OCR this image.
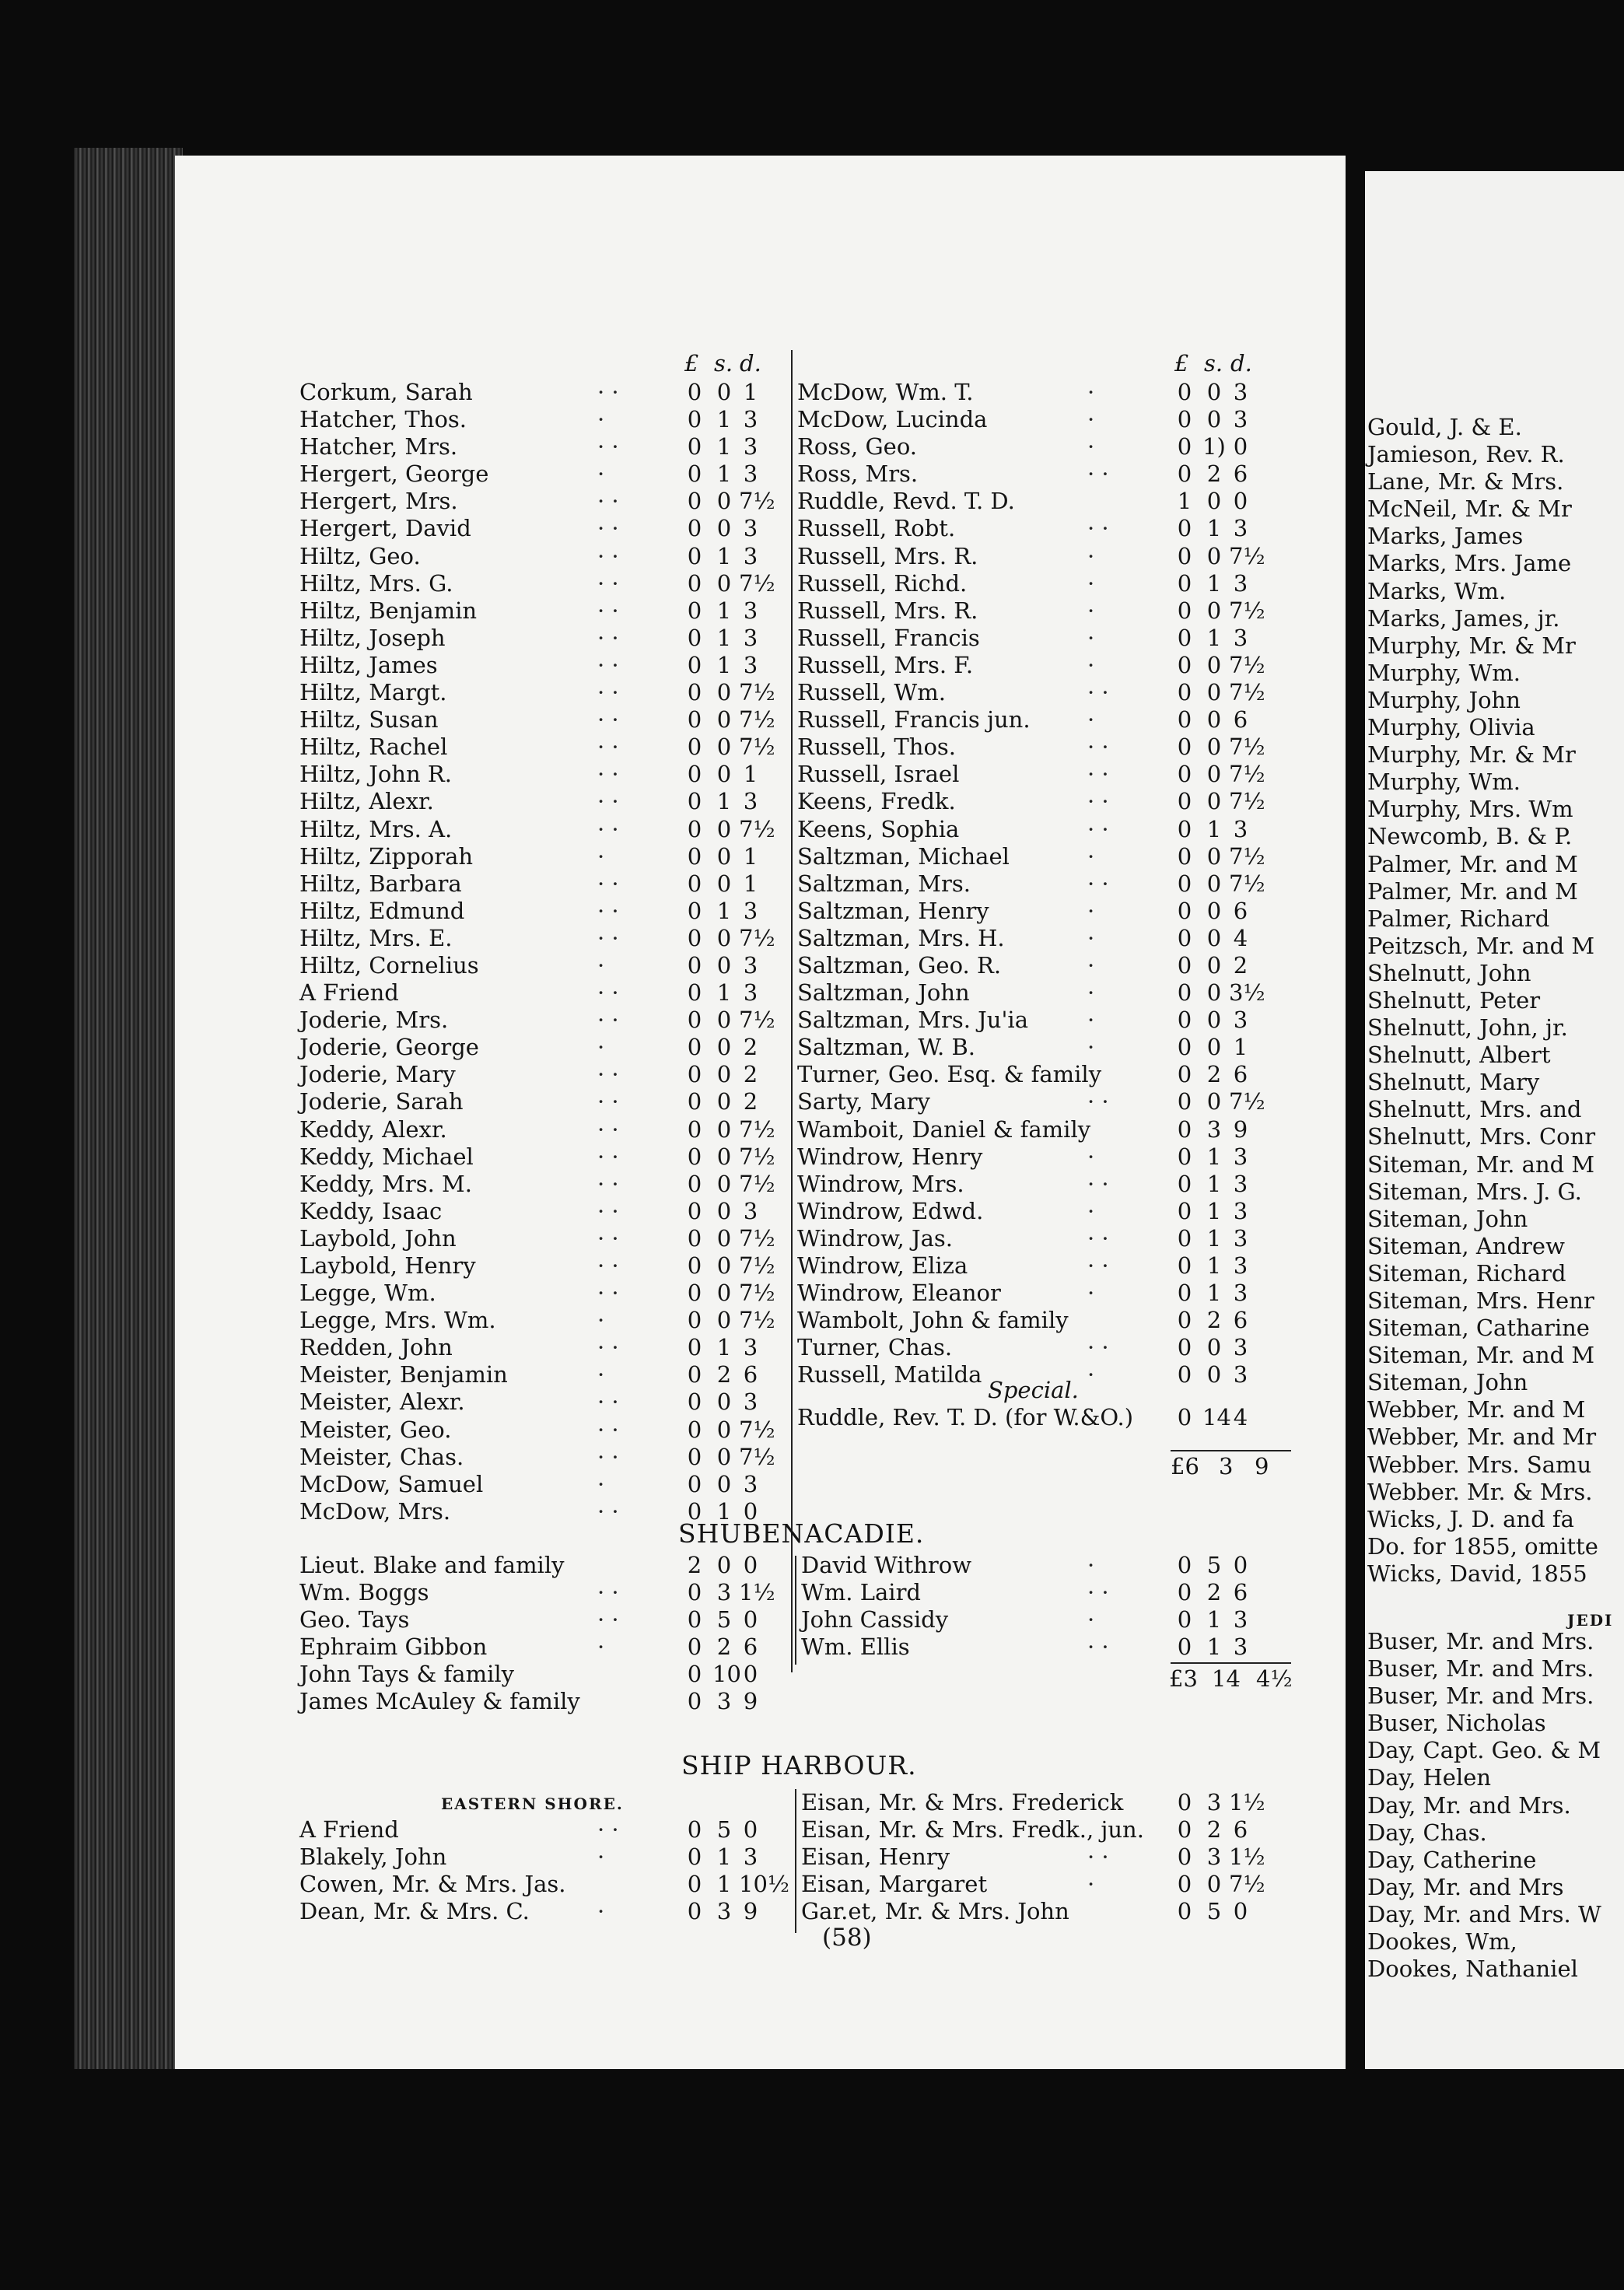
£ s. d.	£ s. d.
Corkum, Sarah	· ·	0 0 1
Hatcher, Thos.	·	0 1 3
Hatcher, Mrs.	· ·	0 1 3
Hergert, George	·	0 1 3
Hergert, Mrs.	· ·	0 0 7½
Hergert, David	· ·	0 0 3
Hiltz, Geo.	· ·	0 1 3
Hiltz, Mrs. G.	· ·	0 0 7½
Hiltz, Benjamin	· ·	0 1 3
Hiltz, Joseph	· ·	0 1 3
Hiltz, James	· ·	0 1 3
Hiltz, Margt.	· ·	0 0 7½
Hiltz, Susan	· ·	0 0 7½
Hiltz, Rachel	· ·	0 0 7½
Hiltz, John R.	· ·	0 0 1
Hiltz, Alexr.	· ·	0 1 3
Hiltz, Mrs. A.	· ·	0 0 7½
Hiltz, Zipporah	·	0 0 1
Hiltz, Barbara	· ·	0 0 1
Hiltz, Edmund	· ·	0 1 3
Hiltz, Mrs. E.	· ·	0 0 7½
Hiltz, Cornelius	·	0 0 3
A Friend	· ·	0 1 3
Joderie, Mrs.	· ·	0 0 7½
Joderie, George	·	0 0 2
Joderie, Mary	· ·	0 0 2
Joderie, Sarah	· ·	0 0 2
Keddy, Alexr.	· ·	0 0 7½
Keddy, Michael	· ·	0 0 7½
Keddy, Mrs. M.	· ·	0 0 7½
Keddy, Isaac	· ·	0 0 3
Laybold, John	· ·	0 0 7½
Laybold, Henry	· ·	0 0 7½
Legge, Wm.	· ·	0 0 7½
Legge, Mrs. Wm.	·	0 0 7½
Redden, John	· ·	0 1 3
Meister, Benjamin	·	0 2 6
Meister, Alexr.	· ·	0 0 3
Meister, Geo.	· ·	0 0 7½
Meister, Chas.	· ·	0 0 7½
McDow, Samuel	·	0 0 3
McDow, Mrs.	· ·	0 1 0
McDow, Wm. T.	·	0 0 3
McDow, Lucinda	·	0 0 3
Ross, Geo.	·	0 1) 0
Ross, Mrs.	· ·	0 2 6
Ruddle, Revd. T. D.	1 0 0
Russell, Robt.	· ·	0 1 3
Russell, Mrs. R.	·	0 0 7½
Russell, Richd.	·	0 1 3
Russell, Mrs. R.	·	0 0 7½
Russell, Francis	·	0 1 3
Russell, Mrs. F.	·	0 0 7½
Russell, Wm.	· ·	0 0 7½
Russell, Francis jun.	·	0 0 6
Russell, Thos.	· ·	0 0 7½
Russell, Israel	· ·	0 0 7½
Keens, Fredk.	· ·	0 0 7½
Keens, Sophia	· ·	0 1 3
Saltzman, Michael	·	0 0 7½
Saltzman, Mrs.	· ·	0 0 7½
Saltzman, Henry	·	0 0 6
Saltzman, Mrs. H.	·	0 0 4
Saltzman, Geo. R.	·	0 0 2
Saltzman, John	·	0 0 3½
Saltzman, Mrs. Ju'ia	·	0 0 3
Saltzman, W. B.	·	0 0 1
Turner, Geo. Esq. & family	0 2 6
Sarty, Mary	· ·	0 0 7½
Wamboit, Daniel & family	0 3 9
Windrow, Henry	·	0 1 3
Windrow, Mrs.	· ·	0 1 3
Windrow, Edwd.	·	0 1 3
Windrow, Jas.	· ·	0 1 3
Windrow, Eliza	· ·	0 1 3
Windrow, Eleanor	·	0 1 3
Wambolt, John & family	0 2 6
Turner, Chas.	· ·	0 0 3
Russell, Matilda	·	0 0 3
Special.
Ruddle, Rev. T. D. (for W.&O.) 0 14 4
£6 3 9
SHUBENACADIE.
Lieut. Blake and family	2 0 0
Wm. Boggs	· ·	0 3 1½
Geo. Tays	· ·	0 5 0
Ephraim Gibbon	·	0 2 6
John Tays & family	0 10 0
James McAuley & family	0 3 9
David Withrow	·	0 5 0
Wm. Laird	· ·	0 2 6
John Cassidy	·	0 1 3
Wm. Ellis	· ·	0 1 3
£3 14 4½
SHIP HARBOUR.
EASTERN SHORE.
A Friend	· ·	0 5 0
Blakely, John	·	0 1 3
Cowen, Mr. & Mrs. Jas.	0 1 10½
Dean, Mr. & Mrs. C.	·	0 3 9
Eisan, Mr. & Mrs. Frederick 0 3 1½
Eisan, Mr. & Mrs. Fredk., jun. 0 2 6
Eisan, Henry	· ·	0 3 1½
Eisan, Margaret	·	0 0 7½
Gar.et, Mr. & Mrs. John	0 5 0
(58)
Gould, J. & E.
Jamieson, Rev. R.
Lane, Mr. & Mrs.
McNeil, Mr. & Mr
Marks, James
Marks, Mrs. Jame
Marks, Wm.
Marks, James, jr.
Murphy, Mr. & Mr
Murphy, Wm.
Murphy, John
Murphy, Olivia
Murphy, Mr. & Mr
Murphy, Wm.
Murphy, Mrs. Wm
Newcomb, B. & P.
Palmer, Mr. and M
Palmer, Mr. and M
Palmer, Richard
Peitzsch, Mr. and M
Shelnutt, John
Shelnutt, Peter
Shelnutt, John, jr.
Shelnutt, Albert
Shelnutt, Mary
Shelnutt, Mrs. and
Shelnutt, Mrs. Conr
Siteman, Mr. and M
Siteman, Mrs. J. G.
Siteman, John
Siteman, Andrew
Siteman, Richard
Siteman, Mrs. Henr
Siteman, Catharine
Siteman, Mr. and M
Siteman, John
Webber, Mr. and M
Webber, Mr. and Mr
Webber. Mrs. Samu
Webber. Mr. & Mrs.
Wicks, J. D. and fa
Do. for 1855, omitte
Wicks, David, 1855
JEDI
Buser, Mr. and Mrs.
Buser, Mr. and Mrs.
Buser, Mr. and Mrs.
Buser, Nicholas
Day, Capt. Geo. & M
Day, Helen
Day, Mr. and Mrs.
Day, Chas.
Day, Catherine
Day, Mr. and Mrs
Day, Mr. and Mrs. W
Dookes, Wm,
Dookes, Nathaniel
